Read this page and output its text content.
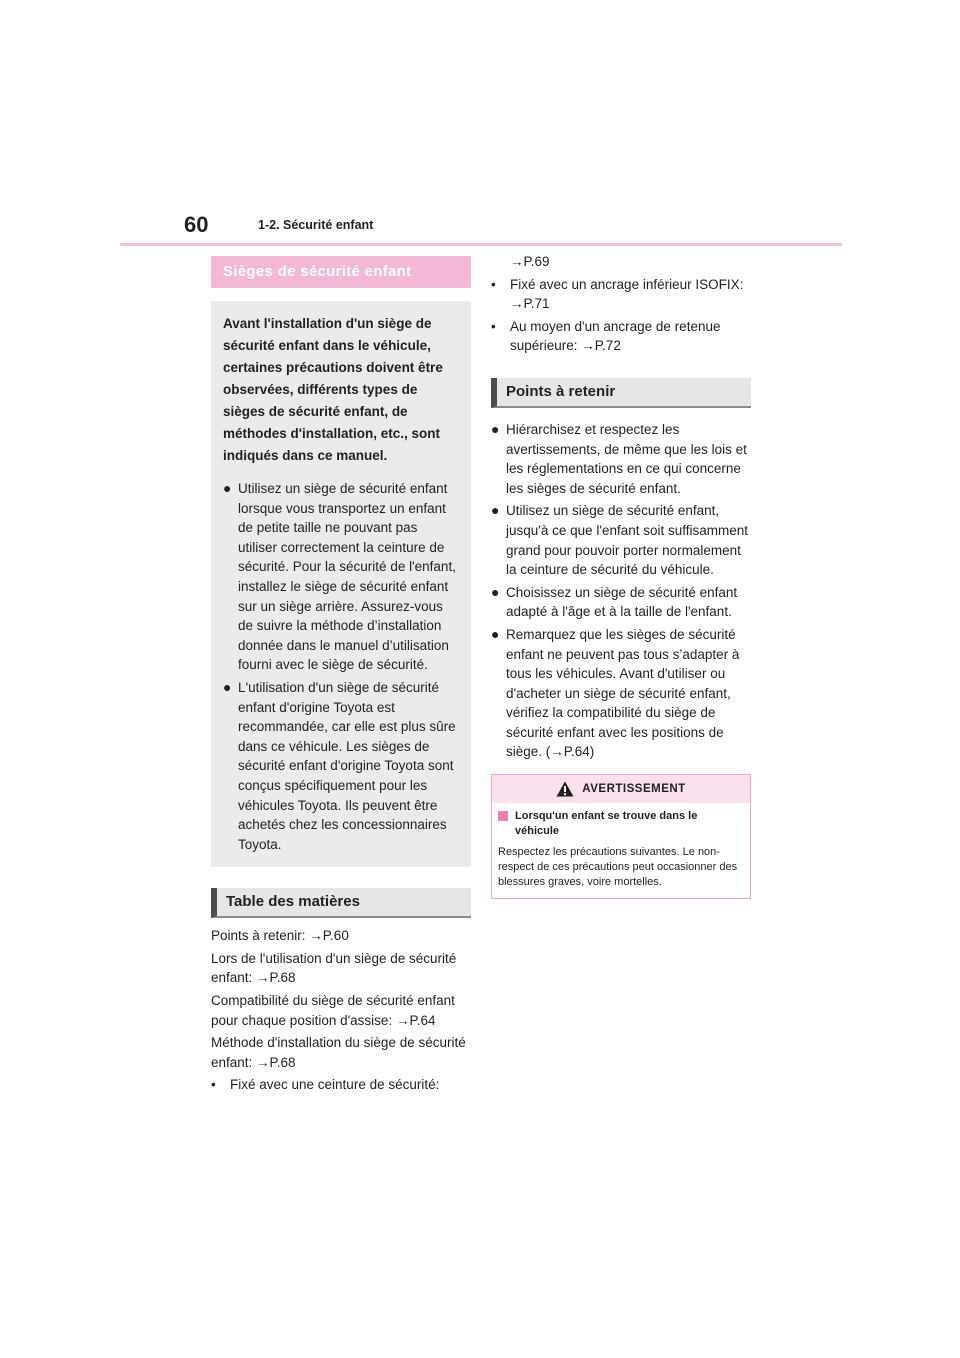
60	1-2. Sécurité enfant
Sièges de sécurité enfant

Avant l'installation d'un siège de sécurité enfant dans le véhicule, certaines précautions doivent être observées, différents types de sièges de sécurité enfant, de méthodes d'installation, etc., sont indiqués dans ce manuel.

● Utilisez un siège de sécurité enfant lorsque vous transportez un enfant de petite taille ne pouvant pas utiliser correctement la ceinture de sécurité. Pour la sécurité de l'enfant, installez le siège de sécurité enfant sur un siège arrière. Assurez-vous de suivre la méthode d’installation donnée dans le manuel d’utilisation fourni avec le siège de sécurité.
● L'utilisation d'un siège de sécurité enfant d'origine Toyota est recommandée, car elle est plus sûre dans ce véhicule. Les sièges de sécurité enfant d'origine Toyota sont conçus spécifiquement pour les véhicules Toyota. Ils peuvent être achetés chez les concessionnaires Toyota.
Table des matières

Points à retenir: →P.60

Lors de l'utilisation d'un siège de sécurité enfant: →P.68

Compatibilité du siège de sécurité enfant pour chaque position d'assise: →P.64

Méthode d'installation du siège de sécurité enfant: →P.68

•	Fixé avec une ceinture de sécurité:

→P.69

•	Fixé avec un ancrage inférieur ISOFIX: →P.71
•	Au moyen d'un ancrage de retenue supérieure: →P.72
Points à retenir
● Hiérarchisez et respectez les avertissements, de même que les lois et les réglementations en ce qui concerne les sièges de sécurité enfant.
● Utilisez un siège de sécurité enfant, jusqu'à ce que l'enfant soit suffisamment grand pour pouvoir porter normalement la ceinture de sécurité du véhicule.
● Choisissez un siège de sécurité enfant adapté à l'âge et à la taille de l'enfant.
● Remarquez que les sièges de sécurité enfant ne peuvent pas tous s’adapter à tous les véhicules. Avant d'utiliser ou d'acheter un siège de sécurité enfant, vérifiez la compatibilité du siège de sécurité enfant avec les positions de siège. (→P.64)
AVERTISSEMENT
Lorsqu'un enfant se trouve dans le véhicule

Respectez les précautions suivantes. Le non-respect de ces précautions peut occasionner des blessures graves, voire mortelles.
